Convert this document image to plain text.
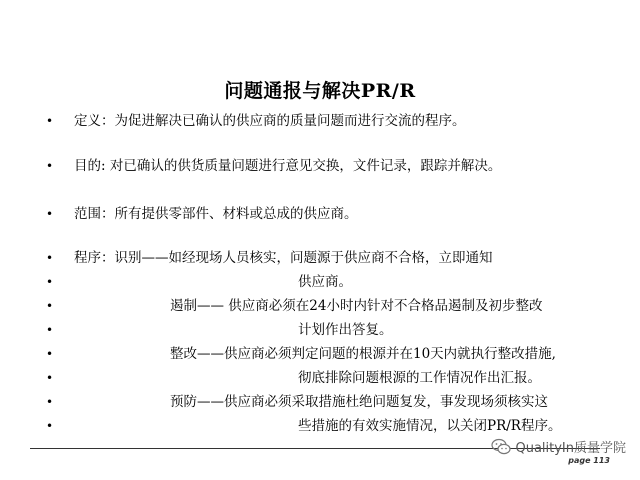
问题通报与解决PR/R
• 定义：为促进解决已确认的供应商的质量问题而进行交流的程序。
• 目的: 对已确认的供货质量问题进行意见交换，文件记录，跟踪并解决。
• 范围：所有提供零部件、材料或总成的供应商。
• 程序：识别——如经现场人员核实，问题源于供应商不合格，立即通知
•	供应商。
•	遏制—— 供应商必须在24小时内针对不合格品遏制及初步整改
•	计划作出答复。
•	整改——供应商必须判定问题的根源并在10天内就执行整改措施,
•	彻底排除问题根源的工作情况作出汇报。
•	预防——供应商必须采取措施杜绝问题复发，事发现场须核实这
•	些措施的有效实施情况，以关闭PR/R程序。
QualityIn质量学院
page 113
